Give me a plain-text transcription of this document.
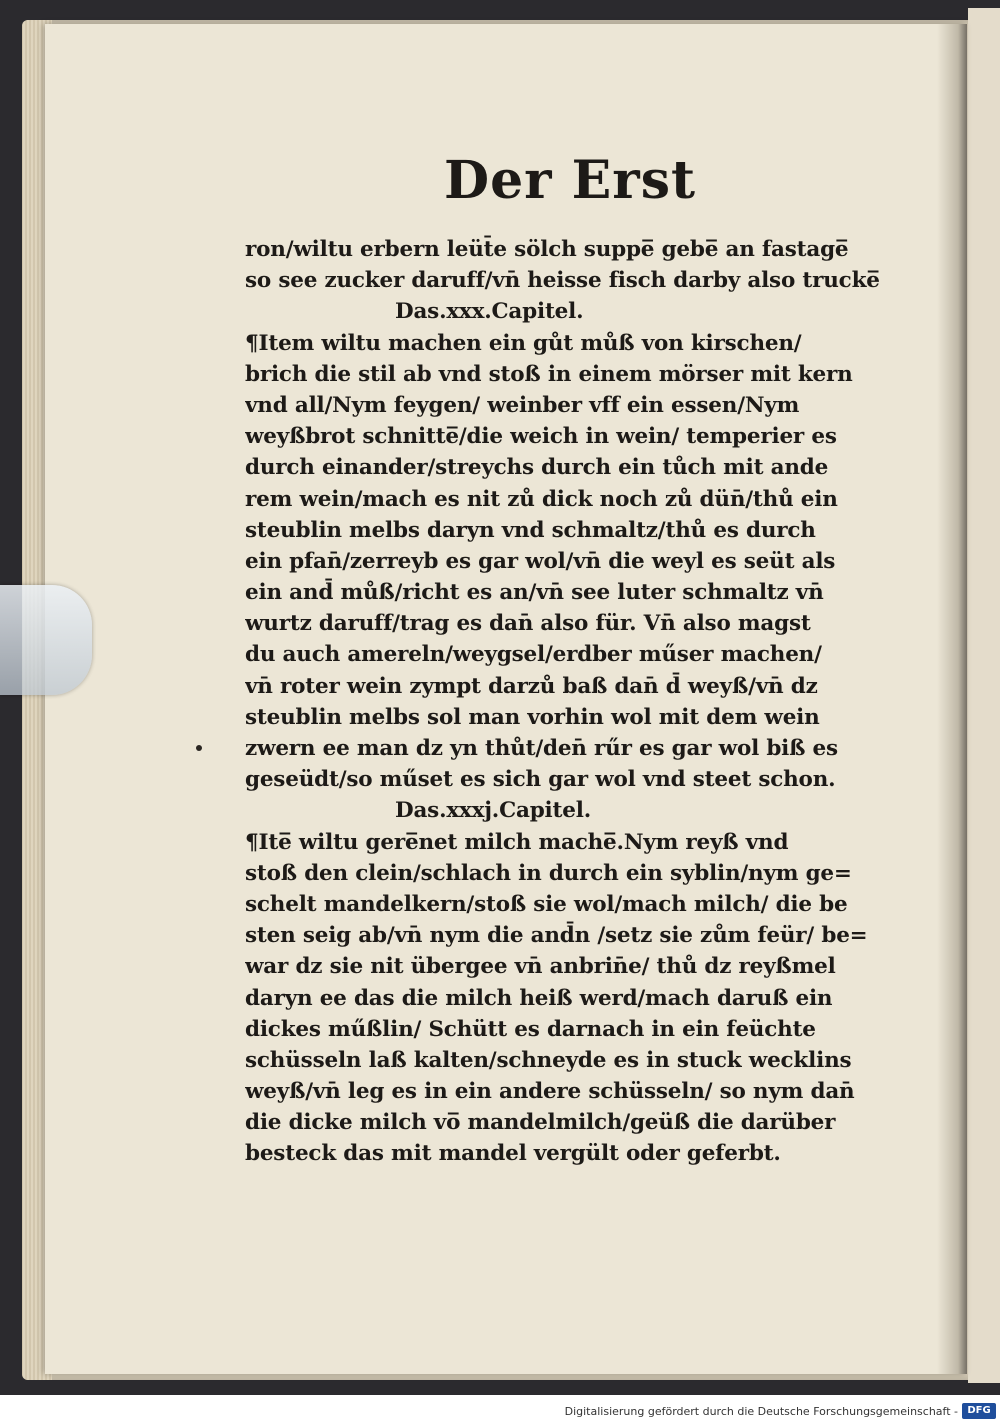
Der Erst
ron/wiltu erbern leüt̄e sölch suppe̅ gebe̅ an fastage̅
so see zucker daruff/vn̄ heisse fisch darby also trucke̅
Das.xxx.Capitel.
¶Item wiltu machen ein gůt můß von kirschen/
brich die stil ab vnd stoß in einem mörser mit kern
vnd all/Nym feygen/ weinber vff ein essen/Nym
weyßbrot schnitte̅/die weich in wein/ temperier es
durch einander/streychs durch ein tůch mit ande
rem wein/mach es nit zů dick noch zů dün̄/thů ein
steublin melbs daryn vnd schmaltz/thů es durch
ein pfan̄/zerreyb es gar wol/vn̄ die weyl es seüt als
ein and̄ můß/richt es an/vn̄ see luter schmaltz vn̄
wurtz daruff/trag es dan̄ also für. Vn̄ also magst
du auch amereln/weygsel/erdber műser machen/
vn̄ roter wein zympt darzů baß dan̄ d̄ weyß/vn̄ dz
steublin melbs sol man vorhin wol mit dem wein
zwern ee man dz yn thůt/den̄ rűr es gar wol biß es
geseüdt/so műset es sich gar wol vnd steet schon.
Das.xxxj.Capitel.
¶Ite̅ wiltu gere̅net milch mache̅.Nym reyß vnd
stoß den clein/schlach in durch ein syblin/nym ge=
schelt mandelkern/stoß sie wol/mach milch/ die be
sten seig ab/vn̄ nym die and̄n /setz sie zům feür/ be=
war dz sie nit übergee vn̄ anbrin̄e/ thů dz reyßmel
daryn ee das die milch heiß werd/mach daruß ein
dickes műßlin/ Schütt es darnach in ein feüchte
schüsseln laß kalten/schneyde es in stuck wecklins
weyß/vn̄ leg es in ein andere schüsseln/ so nym dan̄
die dicke milch vo̅ mandelmilch/geüß die darüber
besteck das mit mandel vergült oder geferbt.
Digitalisierung gefördert durch die Deutsche Forschungsgemeinschaft - DFG
